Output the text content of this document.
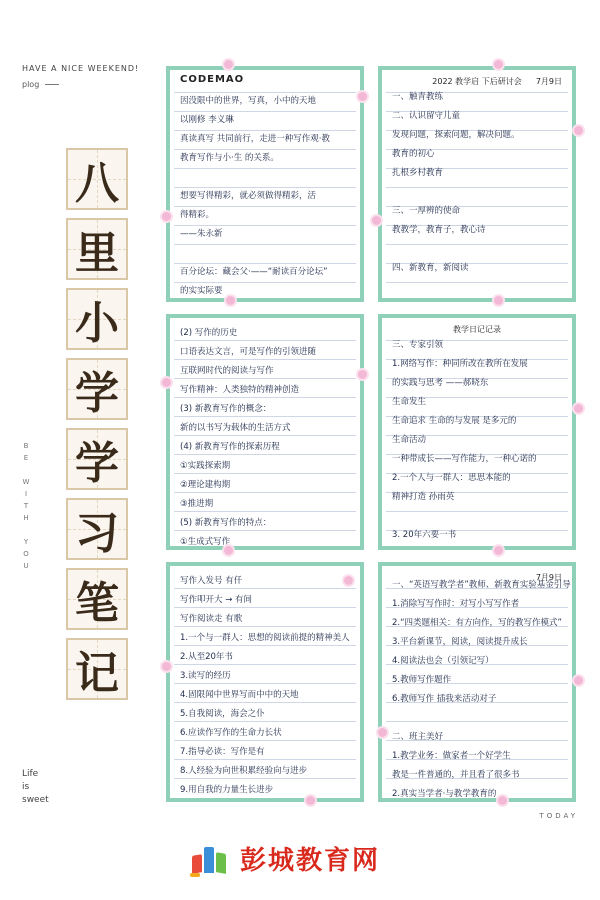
HAVE A NICE WEEKEND!
plog
八
里
小
学
学
习
笔
记
B
E

W
I
T
H

Y
O
U
Life
is
sweet
TODAY
CODEMAO
因没限中的世界，写真，小中的天地
以刚修 李义琳
真读真写 共同前行，走进一种写作观·教
教育写作与小·生 的关系。

想要写得精彩，就必须做得精彩，活
得精彩。
——朱永新

百分论坛：藏会父·——“耐读百分论坛”
的实实际要

2022 教学启 下后研讨会	7月9日
一、触青教练
二、认识留守儿童
发现问题，探索问题，解决问题。
教育的初心
扎根乡村教育

三、一厚辨的使命
教教学，教育子，教心诗

四、新教育，新阅读

(2) 写作的历史
口语表达文言，可是写作的引领进随
互联网时代的阅读与写作
写作精神：人类独特的精神创造
(3) 新教育写作的概念：
新的以书写为载体的生活方式
(4) 新教育写作的探索历程
①实践探索期
②理论建构期
③推进期
(5) 新教育写作的特点：
①生成式写作
教学日记记录
三、专家引领
1.网络写作：种同所改在教所在发展
的实践与思考 ——郝晓东
生命发生
生命追求 生命的与发展 是多元的
生命活动
一种带成长——写作能力，一种心诺的
2.一个人与一群人：思思本能的
精神打造 孙雨英

3. 20年六要一书
写作入发号 有仟
写作叩开大 → 有间
写作阅读走 有歌
1.一个与一群人：思想的阅读前提的精神美人
2.从至20年书
3.读写的经历
4.固限闻中世界写而中中的天地
5.自我阅读，海会之仆
6.应读作写作的生命力长状
7.指导必读：写作是有
8.人经验为向世积累经验向与进步
9.用自我的力量生长进步
7月9日
一、“英语写教学者”教师、新教育实验基金引导
1.消除写写作时：对写小写写作者
2.“四类题相关：有方向作，写的教写作模式”
3.平台新课节，阅读，阅读提升成长
4.阅读法也会（引领记写）
5.教师写作题作
6.教师写作 插我来活动对子

二、班主美好
1.教学业务：做家者一个好学生
教是一件普通的，并且看了很多书
2.真实当学者·与教学教育的
彭城教育网
